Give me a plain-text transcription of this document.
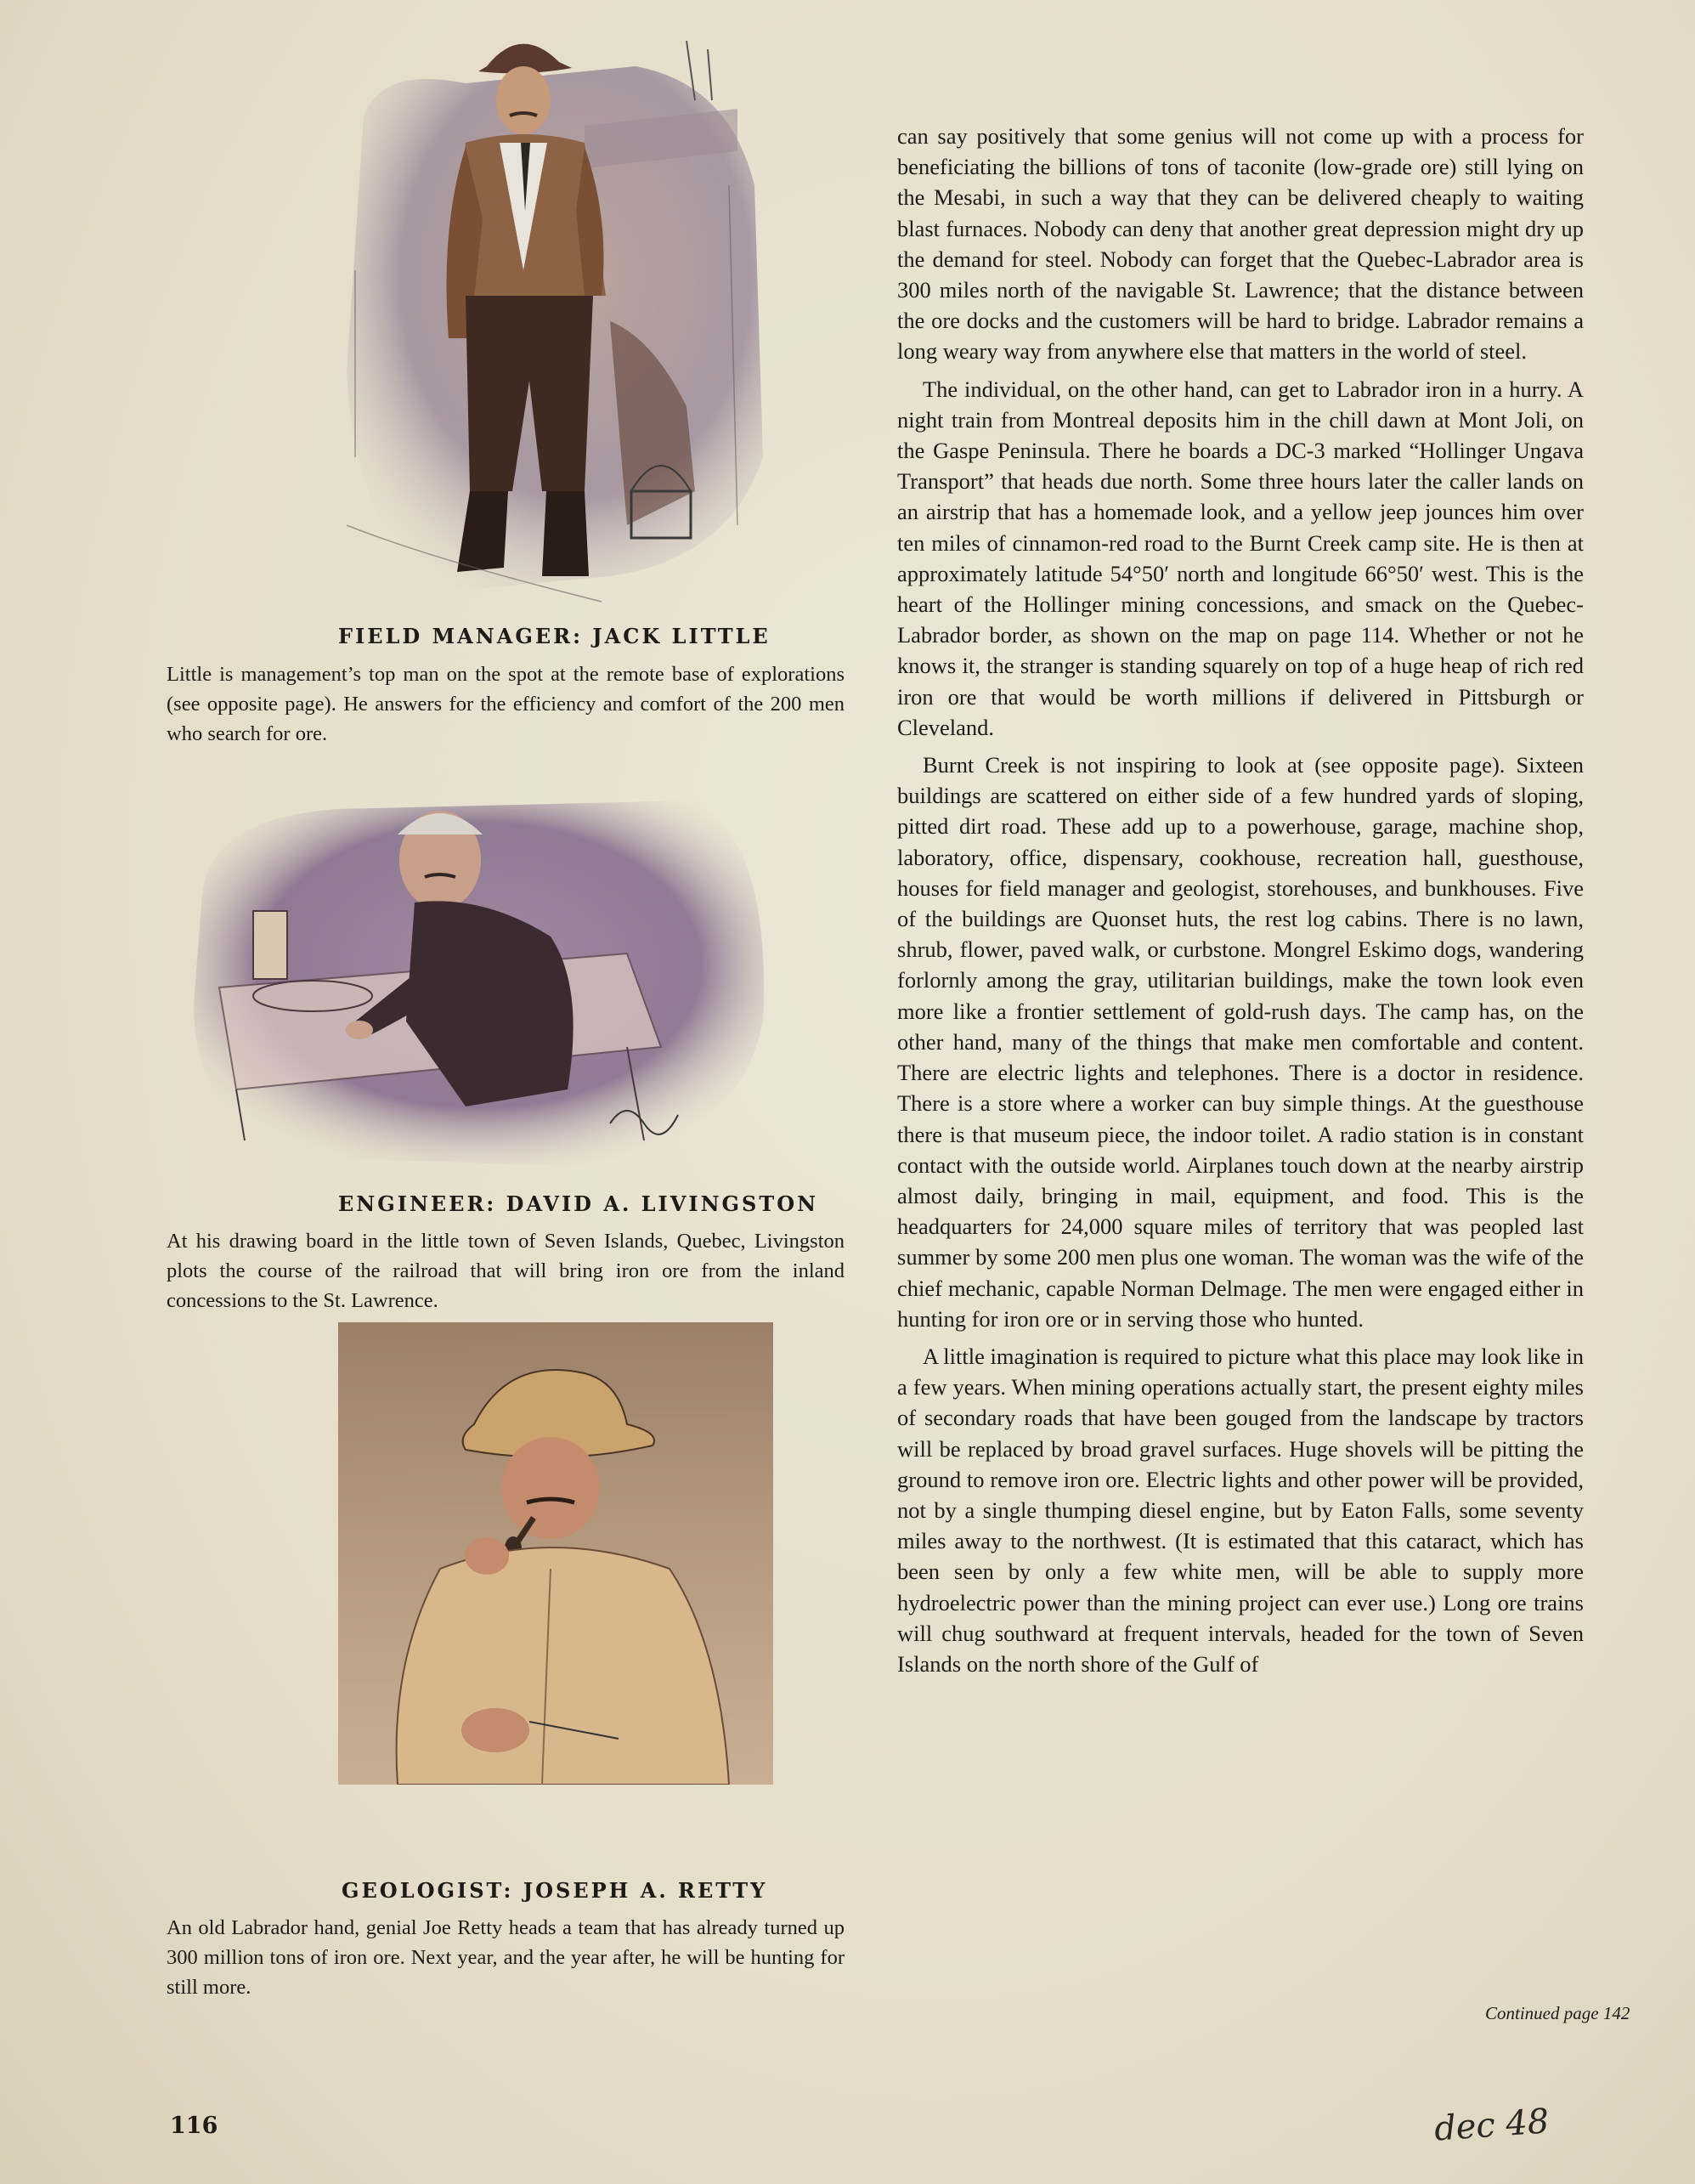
FIELD MANAGER: JACK LITTLE
Little is management’s top man on the spot at the remote base of explorations (see opposite page). He answers for the efficiency and comfort of the 200 men who search for ore.
ENGINEER: DAVID A. LIVINGSTON
At his drawing board in the little town of Seven Islands, Quebec, Livingston plots the course of the railroad that will bring iron ore from the inland concessions to the St. Lawrence.
GEOLOGIST: JOSEPH A. RETTY
An old Labrador hand, genial Joe Retty heads a team that has already turned up 300 million tons of iron ore. Next year, and the year after, he will be hunting for still more.

can say positively that some genius will not come up with a process for beneficiating the billions of tons of taconite (low-grade ore) still lying on the Mesabi, in such a way that they can be delivered cheaply to waiting blast furnaces. Nobody can deny that another great depression might dry up the demand for steel. Nobody can forget that the Quebec-Labrador area is 300 miles north of the navigable St. Lawrence; that the distance between the ore docks and the customers will be hard to bridge. Labrador remains a long weary way from anywhere else that matters in the world of steel.

The individual, on the other hand, can get to Labrador iron in a hurry. A night train from Montreal deposits him in the chill dawn at Mont Joli, on the Gaspe Peninsula. There he boards a DC-3 marked “Hollinger Ungava Transport” that heads due north. Some three hours later the caller lands on an airstrip that has a homemade look, and a yellow jeep jounces him over ten miles of cinnamon-red road to the Burnt Creek camp site. He is then at approximately latitude 54°50′ north and longitude 66°50′ west. This is the heart of the Hollinger mining concessions, and smack on the Quebec-Labrador border, as shown on the map on page 114. Whether or not he knows it, the stranger is standing squarely on top of a huge heap of rich red iron ore that would be worth millions if delivered in Pittsburgh or Cleveland.

Burnt Creek is not inspiring to look at (see opposite page). Sixteen buildings are scattered on either side of a few hundred yards of sloping, pitted dirt road. These add up to a powerhouse, garage, machine shop, laboratory, office, dispensary, cookhouse, recreation hall, guesthouse, houses for field manager and geologist, storehouses, and bunkhouses. Five of the buildings are Quonset huts, the rest log cabins. There is no lawn, shrub, flower, paved walk, or curbstone. Mongrel Eskimo dogs, wandering forlornly among the gray, utilitarian buildings, make the town look even more like a frontier settlement of gold-rush days. The camp has, on the other hand, many of the things that make men comfortable and content. There are electric lights and telephones. There is a doctor in residence. There is a store where a worker can buy simple things. At the guesthouse there is that museum piece, the indoor toilet. A radio station is in constant contact with the outside world. Airplanes touch down at the nearby airstrip almost daily, bringing in mail, equipment, and food. This is the headquarters for 24,000 square miles of territory that was peopled last summer by some 200 men plus one woman. The woman was the wife of the chief mechanic, capable Norman Delmage. The men were engaged either in hunting for iron ore or in serving those who hunted.

A little imagination is required to picture what this place may look like in a few years. When mining operations actually start, the present eighty miles of secondary roads that have been gouged from the landscape by tractors will be replaced by broad gravel surfaces. Huge shovels will be pitting the ground to remove iron ore. Electric lights and other power will be provided, not by a single thumping diesel engine, but by Eaton Falls, some seventy miles away to the northwest. (It is estimated that this cataract, which has been seen by only a few white men, will be able to supply more hydroelectric power than the mining project can ever use.) Long ore trains will chug southward at frequent intervals, headed for the town of Seven Islands on the north shore of the Gulf of

Continued page 142
116	dec 48
